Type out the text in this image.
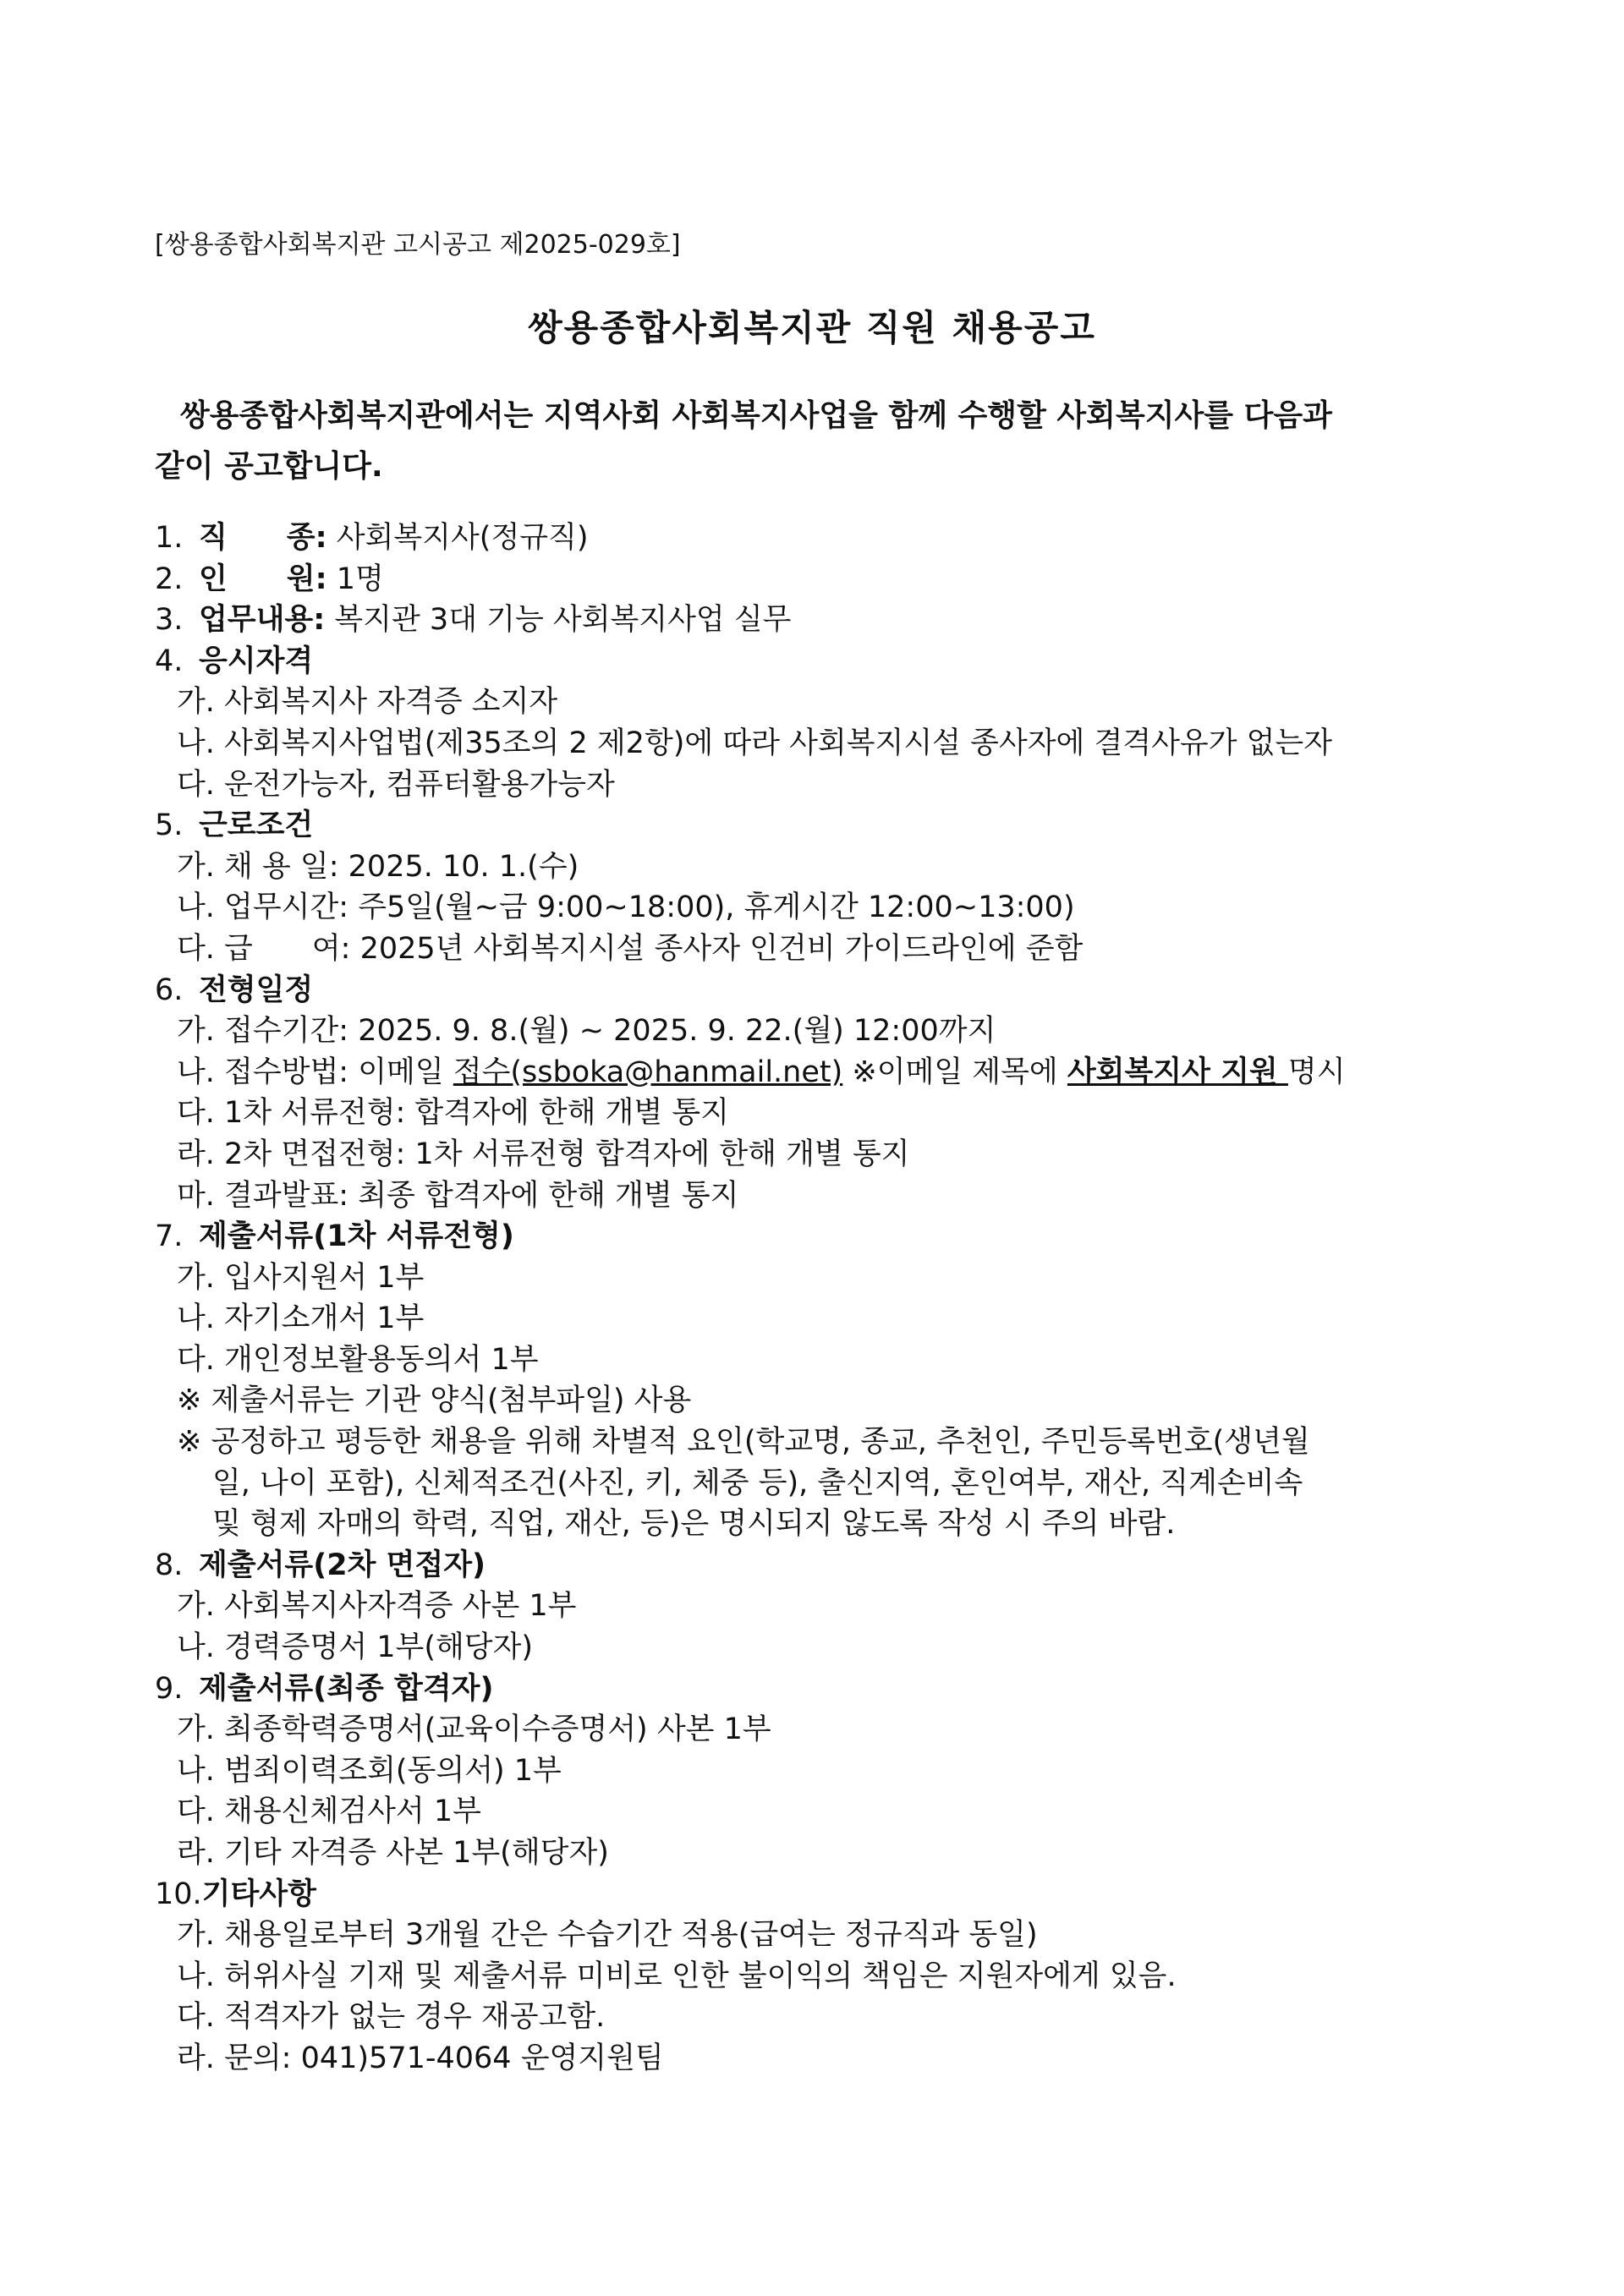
[쌍용종합사회복지관 고시공고 제2025-029호]
쌍용종합사회복지관 직원 채용공고
쌍용종합사회복지관에서는 지역사회 사회복지사업을 함께 수행할 사회복지사를 다음과
같이 공고합니다.
1. 직　　종: 사회복지사(정규직)
2. 인　　원: 1명
3. 업무내용: 복지관 3대 기능 사회복지사업 실무
4. 응시자격
가. 사회복지사 자격증 소지자
나. 사회복지사업법(제35조의 2 제2항)에 따라 사회복지시설 종사자에 결격사유가 없는자
다. 운전가능자, 컴퓨터활용가능자
5. 근로조건
가. 채 용 일: 2025. 10. 1.(수)
나. 업무시간: 주5일(월~금 9:00~18:00), 휴게시간 12:00~13:00)
다. 급　　여: 2025년 사회복지시설 종사자 인건비 가이드라인에 준함
6. 전형일정
가. 접수기간: 2025. 9. 8.(월) ~ 2025. 9. 22.(월) 12:00까지
나. 접수방법: 이메일 접수(ssboka@hanmail.net) ※이메일 제목에 사회복지사 지원 명시
다. 1차 서류전형: 합격자에 한해 개별 통지
라. 2차 면접전형: 1차 서류전형 합격자에 한해 개별 통지
마. 결과발표: 최종 합격자에 한해 개별 통지
7. 제출서류(1차 서류전형)
가. 입사지원서 1부
나. 자기소개서 1부
다. 개인정보활용동의서 1부
※ 제출서류는 기관 양식(첨부파일) 사용
※ 공정하고 평등한 채용을 위해 차별적 요인(학교명, 종교, 추천인, 주민등록번호(생년월
일, 나이 포함), 신체적조건(사진, 키, 체중 등), 출신지역, 혼인여부, 재산, 직계손비속
및 형제 자매의 학력, 직업, 재산, 등)은 명시되지 않도록 작성 시 주의 바람.
8. 제출서류(2차 면접자)
가. 사회복지사자격증 사본 1부
나. 경력증명서 1부(해당자)
9. 제출서류(최종 합격자)
가. 최종학력증명서(교육이수증명서) 사본 1부
나. 범죄이력조회(동의서) 1부
다. 채용신체검사서 1부
라. 기타 자격증 사본 1부(해당자)
10.기타사항
가. 채용일로부터 3개월 간은 수습기간 적용(급여는 정규직과 동일)
나. 허위사실 기재 및 제출서류 미비로 인한 불이익의 책임은 지원자에게 있음.
다. 적격자가 없는 경우 재공고함.
라. 문의: 041)571-4064 운영지원팀
